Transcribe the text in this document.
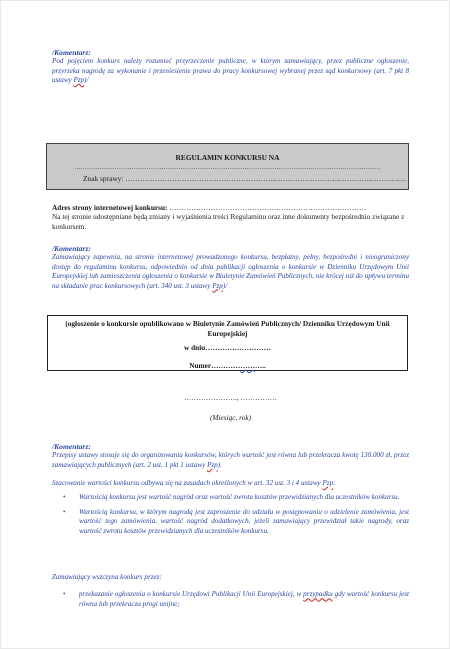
/Komentarz:
Pod pojęciem konkurs należy rozumieć przyrzeczenie publiczne, w którym zamawiający, przez publiczne ogłoszenie, przyrzeka nagrodę za wykonanie i przeniesienie prawa do pracy konkursowej wybranej przez sąd konkursowy (art. 7 pkt 8 ustawy Pzp)/
REGULAMIN KONKURSU NA
………………………………………………………………………………………………………………………………
Znak sprawy: ……………………………………………………………………………………………………
Adres strony internetowej konkursu: ………………………………………………………………………
Na tej stronie udostępniane będą zmiany i wyjaśnienia treści Regulaminu oraz inne dokumenty bezpośrednio związane z konkursem.
/Komentarz:
Zamawiający zapewnia, na stronie internetowej prowadzonego konkursu, bezpłatny, pełny, bezpośredni i nieograniczony dostęp do regulaminu konkursu, odpowiednio od dnia publikacji ogłoszenia o konkursie w Dzienniku Urzędowym Unii Europejskiej lub zamieszczenia ogłoszenia o konkursie w Biuletynie Zamówień Publicznych, nie krócej niż do upływu terminu na składanie prac konkursowych (art. 340 ust. 3 ustawy Pzp)/
(ogłoszenie o konkursie opublikowano w Biuletynie Zamówień Publicznych/ Dzienniku Urzędowym Unii Europejskiej
w dniu………………………
Numer…………………..
…………………., ……………
(Miesiąc, rok)
/Komentarz:
Przepisy ustawy stosuje się do organizowania konkursów, których wartość jest równa lub przekracza kwotę 130.000 zł, przez zamawiających publicznych (art. 2 ust. 1 pkt 1 ustawy Pzp).
Szacowanie wartości konkursu odbywa się na zasadach określonych w art. 32 ust. 3 i 4 ustawy Pzp:
• Wartością konkursu jest wartość nagród oraz wartość zwrotu kosztów przewidzianych dla uczestników konkursu.
• Wartością konkursu, w którym nagrodą jest zaproszenie do udziału w postępowaniu o udzielenie zamówienia, jest wartość tego zamówienia, wartość nagród dodatkowych, jeżeli zamawiający przewidział takie nagrody, oraz wartość zwrotu kosztów przewidzianych dla uczestników konkursu.
Zamawiający wszczyna konkurs przez:
• przekazanie ogłoszenia o konkursie Urzędowi Publikacji Unii Europejskiej, w przypadku gdy wartość konkursu jest równa lub przekracza progi unijne;
